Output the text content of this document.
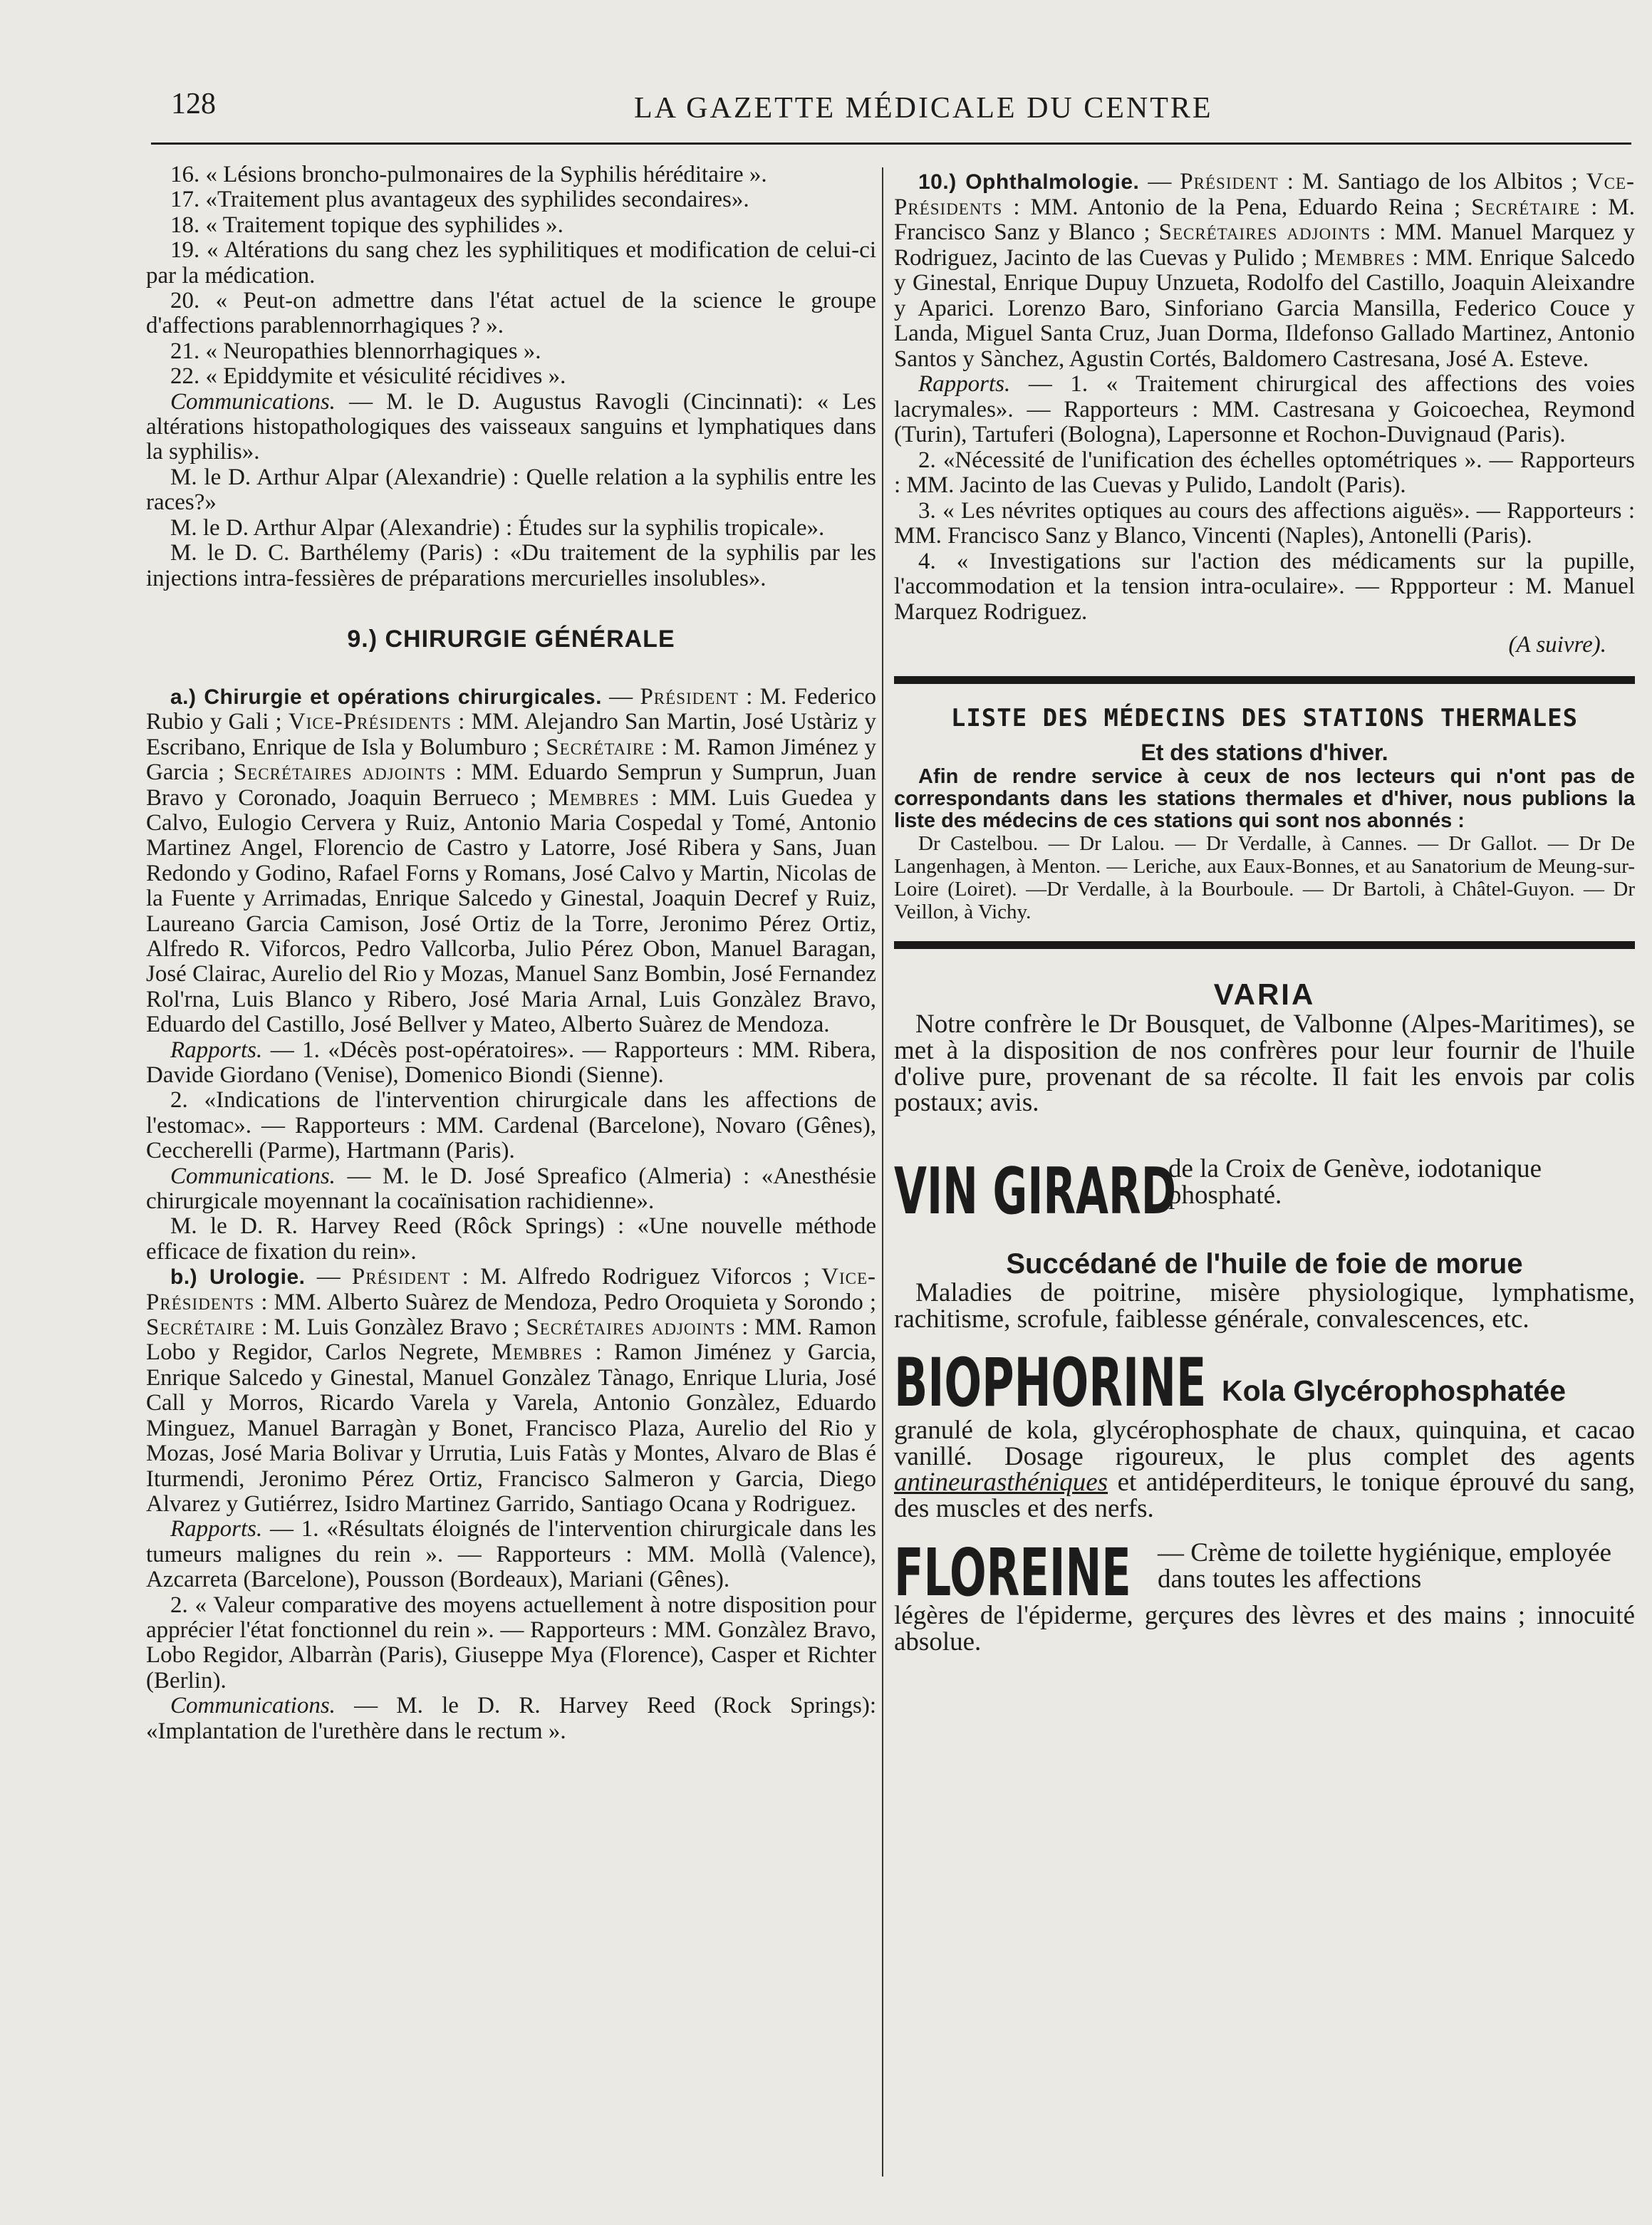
128	LA GAZETTE MÉDICALE DU CENTRE

16. « Lésions broncho-pulmonaires de la Syphilis héréditaire ».

17. «Traitement plus avantageux des syphilides secondaires».

18. « Traitement topique des syphilides ».

19. « Altérations du sang chez les syphilitiques et modification de celui-ci par la médication.

20. « Peut-on admettre dans l'état actuel de la science le groupe d'affections parablennorrhagiques ? ».

21. « Neuropathies blennorrhagiques ».

22. « Epiddymite et vésiculité récidives ».

Communications. — M. le D. Augustus Ravogli (Cincinnati): « Les altérations histopathologiques des vaisseaux sanguins et lymphatiques dans la syphilis».

M. le D. Arthur Alpar (Alexandrie) : Quelle relation a la syphilis entre les races?»

M. le D. Arthur Alpar (Alexandrie) : Études sur la syphilis tropicale».

M. le D. C. Barthélemy (Paris) : «Du traitement de la syphilis par les injections intra-fessières de préparations mercurielles insolubles».

9.) CHIRURGIE GÉNÉRALE

a.) Chirurgie et opérations chirurgicales. — Président : M. Federico Rubio y Gali ; Vice-Présidents : MM. Alejandro San Martin, José Ustàriz y Escribano, Enrique de Isla y Bolumburo ; Secrétaire : M. Ramon Jiménez y Garcia ; Secrétaires adjoints : MM. Eduardo Semprun y Sumprun, Juan Bravo y Coronado, Joaquin Berrueco ; Membres : MM. Luis Guedea y Calvo, Eulogio Cervera y Ruiz, Antonio Maria Cospedal y Tomé, Antonio Martinez Angel, Florencio de Castro y Latorre, José Ribera y Sans, Juan Redondo y Godino, Rafael Forns y Romans, José Calvo y Martin, Nicolas de la Fuente y Arrimadas, Enrique Salcedo y Ginestal, Joaquin Decref y Ruiz, Laureano Garcia Camison, José Ortiz de la Torre, Jeronimo Pérez Ortiz, Alfredo R. Viforcos, Pedro Vallcorba, Julio Pérez Obon, Manuel Baragan, José Clairac, Aurelio del Rio y Mozas, Manuel Sanz Bombin, José Fernandez Rol'rna, Luis Blanco y Ribero, José Maria Arnal, Luis Gonzàlez Bravo, Eduardo del Castillo, José Bellver y Mateo, Alberto Suàrez de Mendoza.

Rapports. — 1. «Décès post-opératoires». — Rapporteurs : MM. Ribera, Davide Giordano (Venise), Domenico Biondi (Sienne).

2. «Indications de l'intervention chirurgicale dans les affections de l'estomac». — Rapporteurs : MM. Cardenal (Barcelone), Novaro (Gênes), Ceccherelli (Parme), Hartmann (Paris).

Communications. — M. le D. José Spreafico (Almeria) : «Anesthésie chirurgicale moyennant la cocaïnisation rachidienne».

M. le D. R. Harvey Reed (Rôck Springs) : «Une nouvelle méthode efficace de fixation du rein».

b.) Urologie. — Président : M. Alfredo Rodriguez Viforcos ; Vice-Présidents : MM. Alberto Suàrez de Mendoza, Pedro Oroquieta y Sorondo ; Secrétaire : M. Luis Gonzàlez Bravo ; Secrétaires adjoints : MM. Ramon Lobo y Regidor, Carlos Negrete, Membres : Ramon Jiménez y Garcia, Enrique Salcedo y Ginestal, Manuel Gonzàlez Tànago, Enrique Lluria, José Call y Morros, Ricardo Varela y Varela, Antonio Gonzàlez, Eduardo Minguez, Manuel Barragàn y Bonet, Francisco Plaza, Aurelio del Rio y Mozas, José Maria Bolivar y Urrutia, Luis Fatàs y Montes, Alvaro de Blas é Iturmendi, Jeronimo Pérez Ortiz, Francisco Salmeron y Garcia, Diego Alvarez y Gutiérrez, Isidro Martinez Garrido, Santiago Ocana y Rodriguez.

Rapports. — 1. «Résultats éloignés de l'intervention chirurgicale dans les tumeurs malignes du rein ». — Rapporteurs : MM. Mollà (Valence), Azcarreta (Barcelone), Pousson (Bordeaux), Mariani (Gênes).

2. « Valeur comparative des moyens actuellement à notre disposition pour apprécier l'état fonctionnel du rein ». — Rapporteurs : MM. Gonzàlez Bravo, Lobo Regidor, Albarràn (Paris), Giuseppe Mya (Florence), Casper et Richter (Berlin).

Communications. — M. le D. R. Harvey Reed (Rock Springs): «Implantation de l'urethère dans le rectum ».

10.) Ophthalmologie. — Président : M. Santiago de los Albitos ; Vce-Présidents : MM. Antonio de la Pena, Eduardo Reina ; Secrétaire : M. Francisco Sanz y Blanco ; Secrétaires adjoints : MM. Manuel Marquez y Rodriguez, Jacinto de las Cuevas y Pulido ; Membres : MM. Enrique Salcedo y Ginestal, Enrique Dupuy Unzueta, Rodolfo del Castillo, Joaquin Aleixandre y Aparici. Lorenzo Baro, Sinforiano Garcia Mansilla, Federico Couce y Landa, Miguel Santa Cruz, Juan Dorma, Ildefonso Gallado Martinez, Antonio Santos y Sànchez, Agustin Cortés, Baldomero Castresana, José A. Esteve.

Rapports. — 1. « Traitement chirurgical des affections des voies lacrymales». — Rapporteurs : MM. Castresana y Goicoechea, Reymond (Turin), Tartuferi (Bologna), Lapersonne et Rochon-Duvignaud (Paris).

2. «Nécessité de l'unification des échelles optométriques ». — Rapporteurs : MM. Jacinto de las Cuevas y Pulido, Landolt (Paris).

3. « Les névrites optiques au cours des affections aiguës». — Rapporteurs : MM. Francisco Sanz y Blanco, Vincenti (Naples), Antonelli (Paris).

4. « Investigations sur l'action des médicaments sur la pupille, l'accommodation et la tension intra-oculaire». — Rppporteur : M. Manuel Marquez Rodriguez.

(A suivre).
LISTE DES MÉDECINS DES STATIONS THERMALES
Et des stations d'hiver.

Afin de rendre service à ceux de nos lecteurs qui n'ont pas de correspondants dans les stations thermales et d'hiver, nous publions la liste des médecins de ces stations qui sont nos abonnés :

Dr Castelbou. — Dr Lalou. — Dr Verdalle, à Cannes. — Dr Gallot. — Dr De Langenhagen, à Menton. — Leriche, aux Eaux-Bonnes, et au Sanatorium de Meung-sur-Loire (Loiret). —Dr Verdalle, à la Bourboule. — Dr Bartoli, à Châtel-Guyon. — Dr Veillon, à Vichy.

VARIA

Notre confrère le Dr Bousquet, de Valbonne (Alpes-Maritimes), se met à la disposition de nos confrères pour leur fournir de l'huile d'olive pure, provenant de sa récolte. Il fait les envois par colis postaux; avis.

VIN GIRARD
de la Croix de Genève, iodotanique phosphaté.
Succédané de l'huile de foie de morue

Maladies de poitrine, misère physiologique, lymphatisme, rachitisme, scrofule, faiblesse générale, convalescences, etc.

BIOPHORINE Kola Glycérophosphatée

granulé de kola, glycérophosphate de chaux, quinquina, et cacao vanillé. Dosage rigoureux, le plus complet des agents antineurasthéniques et antidéperditeurs, le tonique éprouvé du sang, des muscles et des nerfs.

FLOREINE — Crème de toilette hygiénique, employée dans toutes les affections

légères de l'épiderme, gerçures des lèvres et des mains ; innocuité absolue.
